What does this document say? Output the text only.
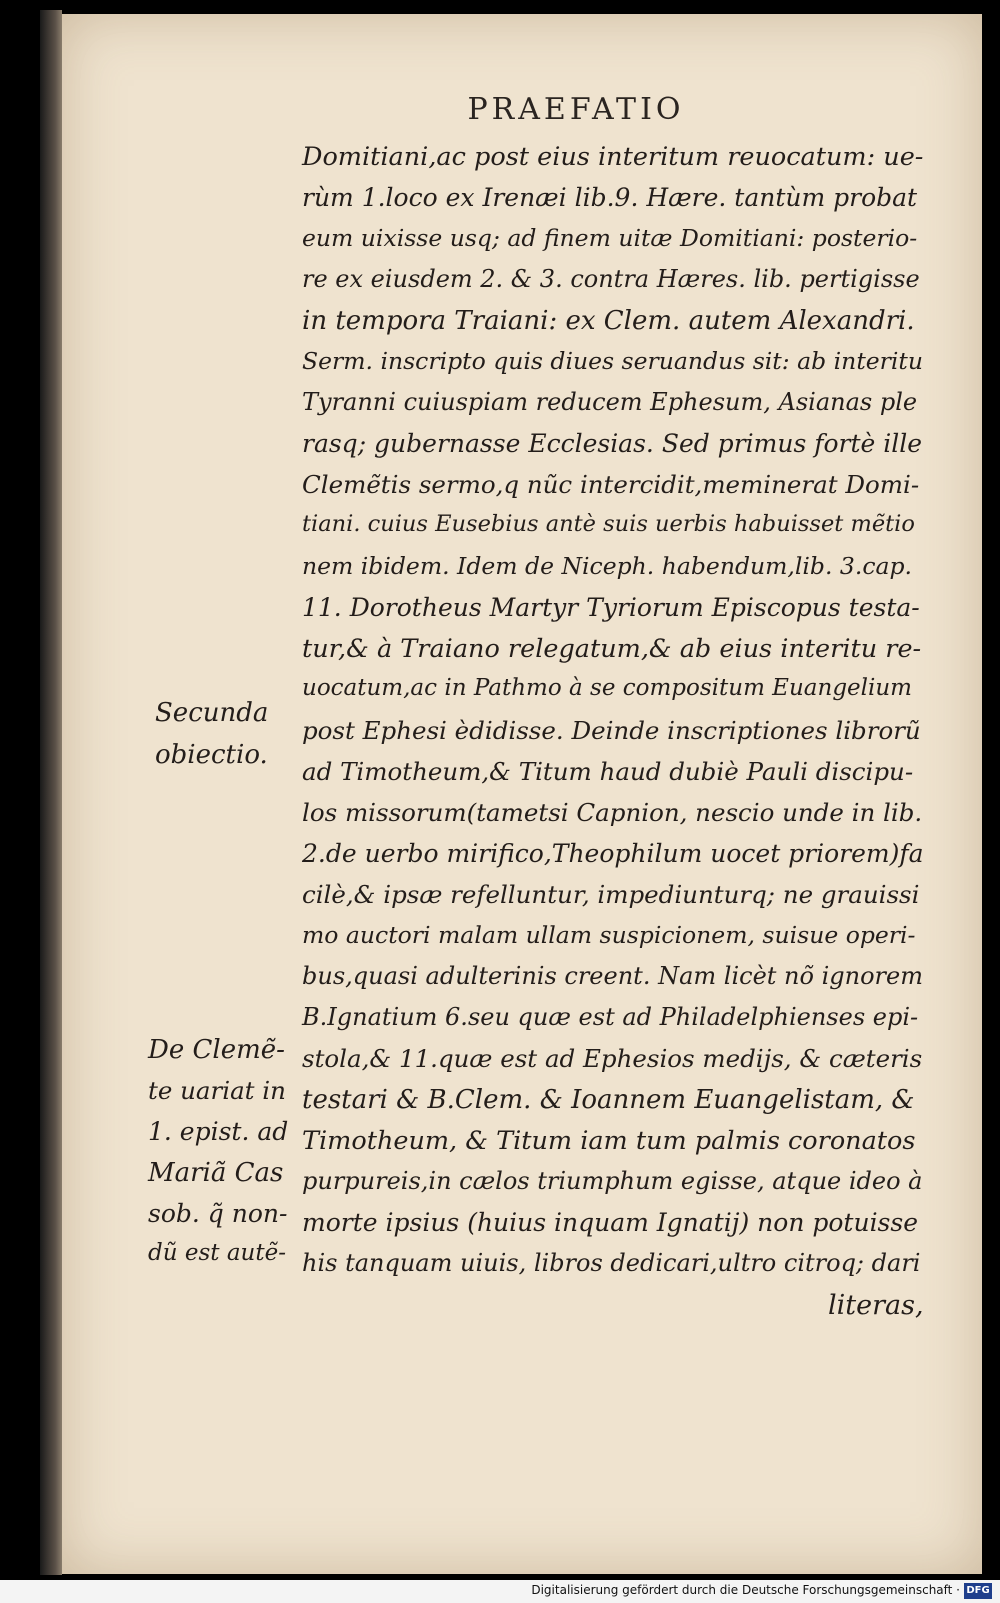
PRAEFATIO
Domitiani,ac post eius interitum reuocatum: ue-
rùm 1.loco ex Irenæi lib.9. Hære. tantùm probat
eum uixisse usq; ad finem uitæ Domitiani: posterio-
re ex eiusdem 2. & 3. contra Hæres. lib. pertigisse
in tempora Traiani: ex Clem. autem Alexandri.
Serm. inscripto quis diues seruandus sit: ab interitu
Tyranni cuiuspiam reducem Ephesum, Asianas ple
rasq; gubernasse Ecclesias. Sed primus fortè ille
Clemẽtis sermo,q nũc intercidit,meminerat Domi-
tiani. cuius Eusebius antè suis uerbis habuisset mẽtio
nem ibidem. Idem de Niceph. habendum,lib. 3.cap.
11. Dorotheus Martyr Tyriorum Episcopus testa-
tur,& à Traiano relegatum,& ab eius interitu re-
uocatum,ac in Pathmo à se compositum Euangelium
post Ephesi èdidisse. Deinde inscriptiones librorũ
ad Timotheum,& Titum haud dubiè Pauli discipu-
los missorum(tametsi Capnion, nescio unde in lib.
2.de uerbo mirifico,Theophilum uocet priorem)fa
cilè,& ipsæ refelluntur, impediunturq; ne grauissi
mo auctori malam ullam suspicionem, suisue operi-
bus,quasi adulterinis creent. Nam licèt nõ ignorem
B.Ignatium 6.seu quæ est ad Philadelphienses epi-
stola,& 11.quæ est ad Ephesios medijs, & cæteris
testari & B.Clem. & Ioannem Euangelistam, &
Timotheum, & Titum iam tum palmis coronatos
purpureis,in cælos triumphum egisse, atque ideo à
morte ipsius (huius inquam Ignatij) non potuisse
his tanquam uiuis, libros dedicari,ultro citroq; dari
literas,
Secunda
obiectio.
De Clemẽ-
te uariat in
1. epist. ad
Mariã Cas
sob. q̃ non-
dũ est autẽ-
Digitalisierung gefördert durch die Deutsche Forschungsgemeinschaft · DFG
